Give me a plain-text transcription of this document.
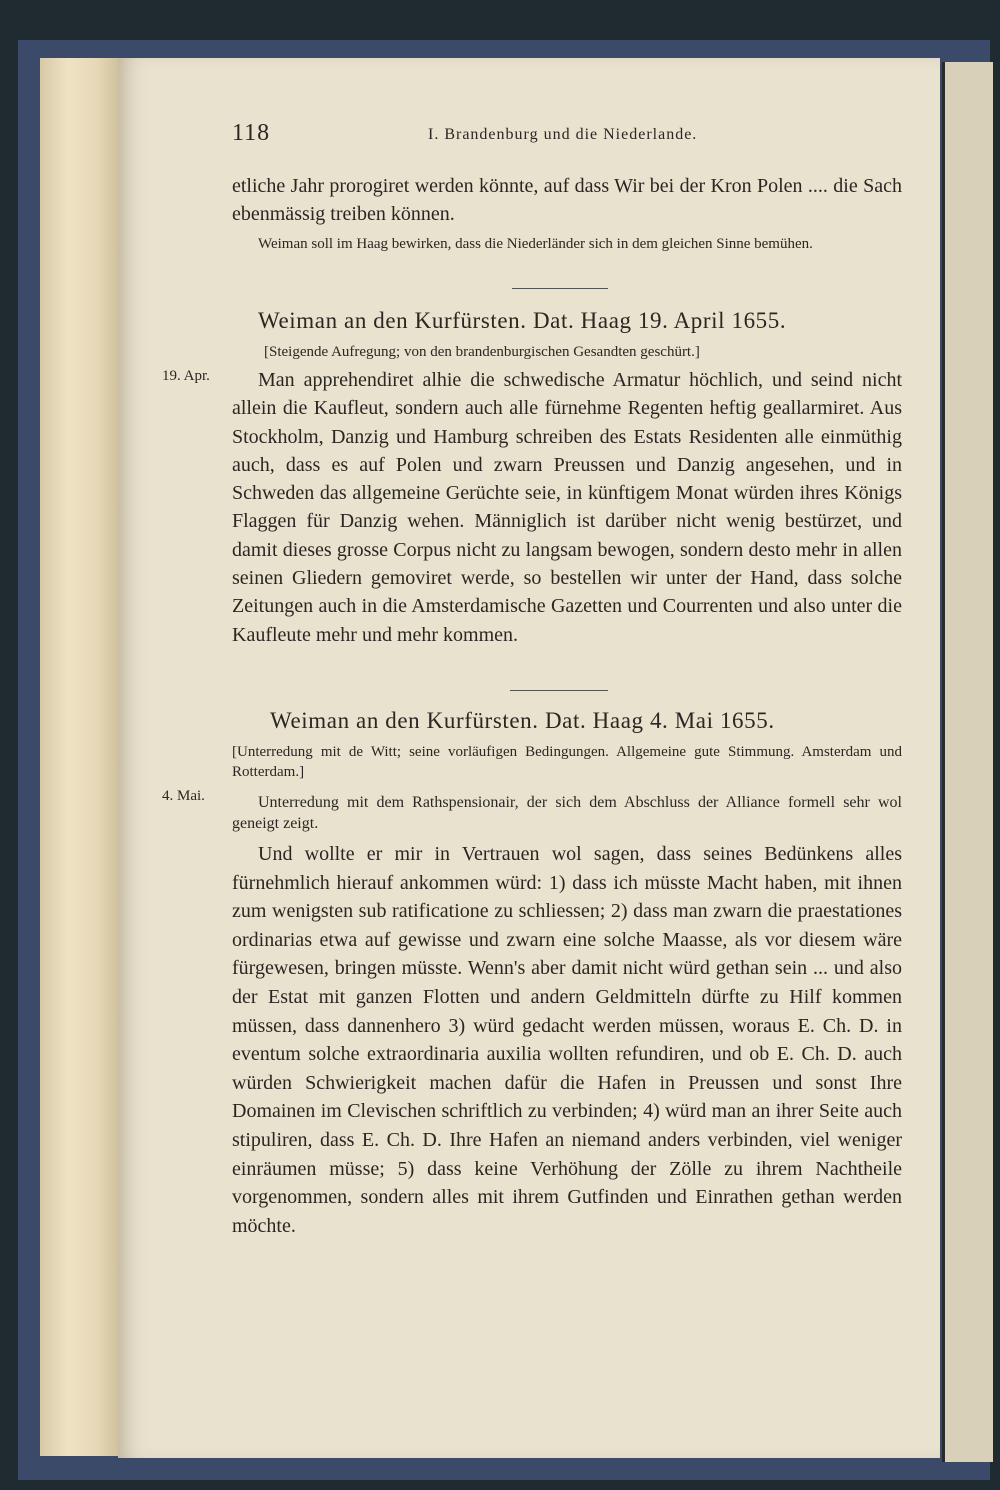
118	I. Brandenburg und die Niederlande.

etliche Jahr prorogiret werden könnte, auf dass Wir bei der Kron Polen .... die Sach ebenmässig treiben können.

Weiman soll im Haag bewirken, dass die Niederländer sich in dem gleichen Sinne bemühen.

Weiman an den Kurfürsten. Dat. Haag 19. April 1655.

[Steigende Aufregung; von den brandenburgischen Gesandten geschürt.]

19. Apr.	Man apprehendiret alhie die schwedische Armatur höchlich, und seind nicht allein die Kaufleut, sondern auch alle fürnehme Regenten heftig geallarmiret. Aus Stockholm, Danzig und Hamburg schreiben des Estats Residenten alle einmüthig auch, dass es auf Polen und zwarn Preussen und Danzig angesehen, und in Schweden das allgemeine Gerüchte seie, in künftigem Monat würden ihres Königs Flaggen für Danzig wehen. Männiglich ist darüber nicht wenig bestürzet, und damit dieses grosse Corpus nicht zu langsam bewogen, sondern desto mehr in allen seinen Gliedern gemoviret werde, so bestellen wir unter der Hand, dass solche Zeitungen auch in die Amsterdamische Gazetten und Courrenten und also unter die Kaufleute mehr und mehr kommen.

Weiman an den Kurfürsten. Dat. Haag 4. Mai 1655.

[Unterredung mit de Witt; seine vorläufigen Bedingungen. Allgemeine gute Stimmung. Amsterdam und Rotterdam.]

4. Mai.	Unterredung mit dem Rathspensionair, der sich dem Abschluss der Alliance formell sehr wol geneigt zeigt.

Und wollte er mir in Vertrauen wol sagen, dass seines Bedünkens alles fürnehmlich hierauf ankommen würd: 1) dass ich müsste Macht haben, mit ihnen zum wenigsten sub ratificatione zu schliessen; 2) dass man zwarn die praestationes ordinarias etwa auf gewisse und zwarn eine solche Maasse, als vor diesem wäre fürgewesen, bringen müsste. Wenn's aber damit nicht würd gethan sein ... und also der Estat mit ganzen Flotten und andern Geldmitteln dürfte zu Hilf kommen müssen, dass dannenhero 3) würd gedacht werden müssen, woraus E. Ch. D. in eventum solche extraordinaria auxilia wollten refundiren, und ob E. Ch. D. auch würden Schwierigkeit machen dafür die Hafen in Preussen und sonst Ihre Domainen im Clevischen schriftlich zu verbinden; 4) würd man an ihrer Seite auch stipuliren, dass E. Ch. D. Ihre Hafen an niemand anders verbinden, viel weniger einräumen müsse; 5) dass keine Verhöhung der Zölle zu ihrem Nachtheile vorgenommen, sondern alles mit ihrem Gutfinden und Einrathen gethan werden möchte.
